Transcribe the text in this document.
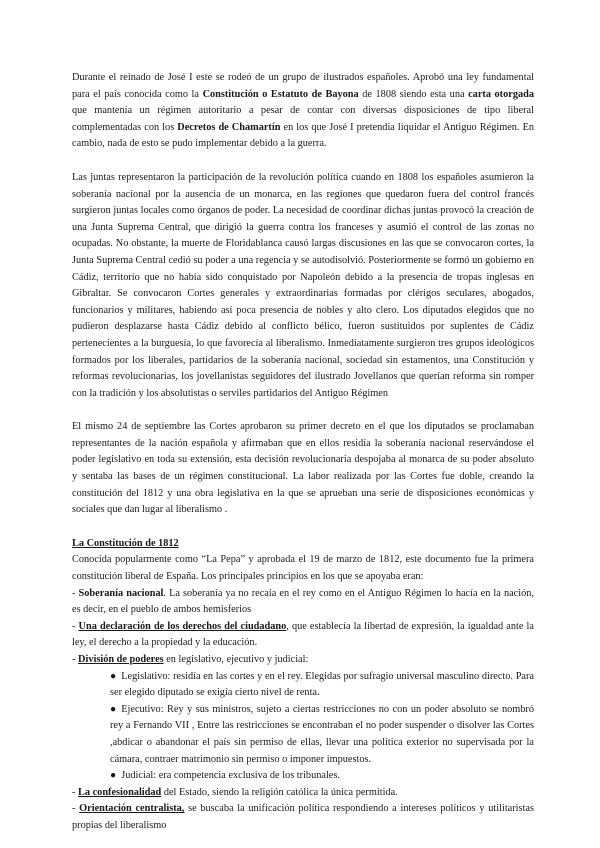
Durante el reinado de José I este se rodeó de un grupo de ilustrados españoles. Aprobó una ley fundamental para el país conocida como la Constitución o Estatuto de Bayona de 1808 siendo esta una carta otorgada que mantenía un régimen autoritario a pesar de contar con diversas disposiciones de tipo liberal complementadas con los Decretos de Chamartín en los que José I pretendía liquidar el Antiguo Régimen. En cambio, nada de esto se pudo implementar debido a la guerra.

Las juntas representaron la participación de la revolución política cuando en 1808 los españoles asumieron la soberanía nacional por la ausencia de un monarca, en las regiones que quedaron fuera del control francés surgieron juntas locales como órganos de poder. La necesidad de coordinar dichas juntas provocó la creación de una Junta Suprema Central, que dirigió la guerra contra los franceses y asumió el control de las zonas no ocupadas. No obstante, la muerte de Floridablanca causó largas discusiones en las que se convocaron cortes, la Junta Suprema Central cedió su poder a una regencia y se autodisolvió. Posteriormente se formó un gobierno en Cádiz, territorio que no había sido conquistado por Napoleón debido a la presencia de tropas inglesas en Gibraltar. Se convocaron Cortes generales y extraordinarias formadas por clérigos seculares, abogados, funcionarios y militares, habiendo así poca presencia de nobles y alto clero. Los diputados elegidos que no pudieron desplazarse hasta Cádiz debido al conflicto bélico, fueron sustituidos por suplentes de Cádiz pertenecientes a la burguesía, lo que favorecía al liberalismo. Inmediatamente surgieron tres grupos ideológicos formados por los liberales, partidarios de la soberanía nacional, sociedad sin estamentos, una Constitución y reformas revolucionarias, los jovellanistas seguidores del ilustrado Jovellanos que querían reforma sin romper con la tradición y los absolutistas o serviles partidarios del Antiguo Régimen

El mismo 24 de septiembre las Cortes aprobaron su primer decreto en el que los diputados se proclamaban representantes de la nación española y afirmaban que en ellos residía la soberanía nacional reservándose el poder legislativo en toda su extensión, esta decisión revolucionaria despojaba al monarca de su poder absoluto y sentaba las bases de un régimen constitucional. La labor realizada por las Cortes fue doble, creando la constitución del 1812 y una obra legislativa en la que se aprueban una serie de disposiciones económicas y sociales que dan lugar al liberalismo .

La Constitución de 1812

Conocida popularmente como “La Pepa” y aprobada el 19 de marzo de 1812, este documento fue la primera constitución liberal de España. Los principales principios en los que se apoyaba eran:

- Soberanía nacional. La soberanía ya no recaía en el rey como en el Antiguo Régimen lo hacía en la nación, es decir, en el pueblo de ambos hemisferios

- Una declaración de los derechos del ciudadano, que establecía la libertad de expresión, la igualdad ante la ley, el derecho a la propiedad y la educación.

- División de poderes en legislativo, ejecutivo y judicial:

● Legislativo: residía en las cortes y en el rey. Elegidas por sufragio universal masculino directo. Para ser elegido diputado se exigía cierto nivel de renta.

● Ejecutivo: Rey y sus ministros, sujeto a ciertas restricciones no con un poder absoluto se nombró rey a Fernando VII , Entre las restricciones se encontraban el no poder suspender o disolver las Cortes ,abdicar o abandonar el país sin permiso de ellas, llevar una política exterior no supervisada por la cámara, contraer matrimonio sin permiso o imponer impuestos.

● Judicial: era competencia exclusiva de los tribunales.

- La confesionalidad del Estado, siendo la religión católica la única permitida.

- Orientación centralista, se buscaba la unificación política respondiendo a intereses políticos y utilitaristas propias del liberalismo
